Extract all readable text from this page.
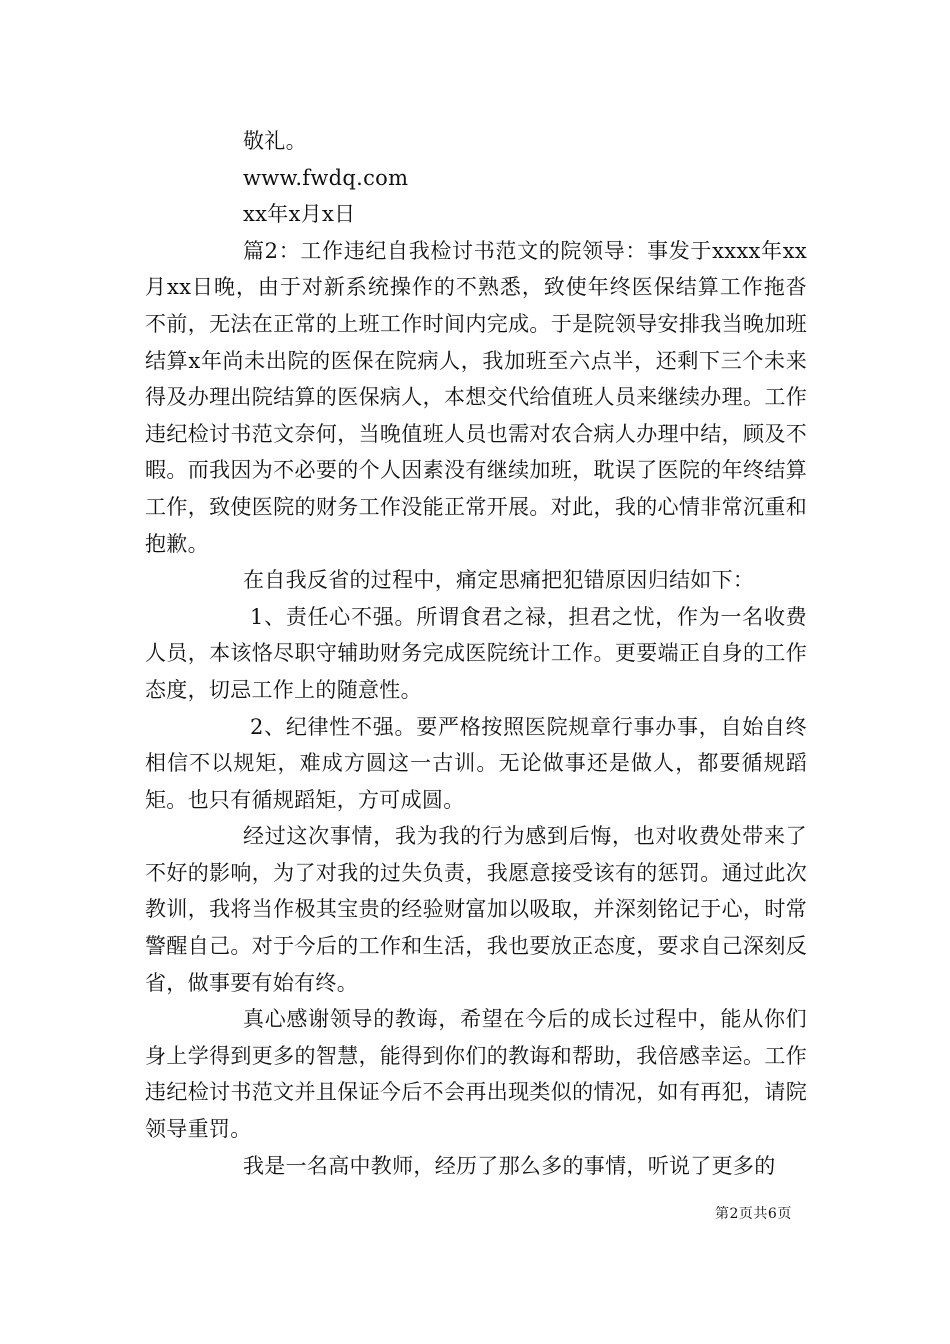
敬礼。
www.fwdq.com
xx年x月x日

篇2：工作违纪自我检讨书范文的院领导：事发于xxxx年xx月xx日晚，由于对新系统操作的不熟悉，致使年终医保结算工作拖沓不前，无法在正常的上班工作时间内完成。于是院领导安排我当晚加班结算x年尚未出院的医保在院病人，我加班至六点半，还剩下三个未来得及办理出院结算的医保病人，本想交代给值班人员来继续办理。工作违纪检讨书范文奈何，当晚值班人员也需对农合病人办理中结，顾及不暇。而我因为不必要的个人因素没有继续加班，耽误了医院的年终结算工作，致使医院的财务工作没能正常开展。对此，我的心情非常沉重和抱歉。

在自我反省的过程中，痛定思痛把犯错原因归结如下：

1、责任心不强。所谓食君之禄，担君之忧，作为一名收费人员，本该恪尽职守辅助财务完成医院统计工作。更要端正自身的工作态度，切忌工作上的随意性。

2、纪律性不强。要严格按照医院规章行事办事，自始自终相信不以规矩，难成方圆这一古训。无论做事还是做人，都要循规蹈矩。也只有循规蹈矩，方可成圆。

经过这次事情，我为我的行为感到后悔，也对收费处带来了不好的影响，为了对我的过失负责，我愿意接受该有的惩罚。通过此次教训，我将当作极其宝贵的经验财富加以吸取，并深刻铭记于心，时常警醒自己。对于今后的工作和生活，我也要放正态度，要求自己深刻反省，做事要有始有终。

真心感谢领导的教诲，希望在今后的成长过程中，能从你们身上学得到更多的智慧，能得到你们的教诲和帮助，我倍感幸运。工作违纪检讨书范文并且保证今后不会再出现类似的情况，如有再犯，请院领导重罚。

我是一名高中教师，经历了那么多的事情，听说了更多的

第2页共6页
